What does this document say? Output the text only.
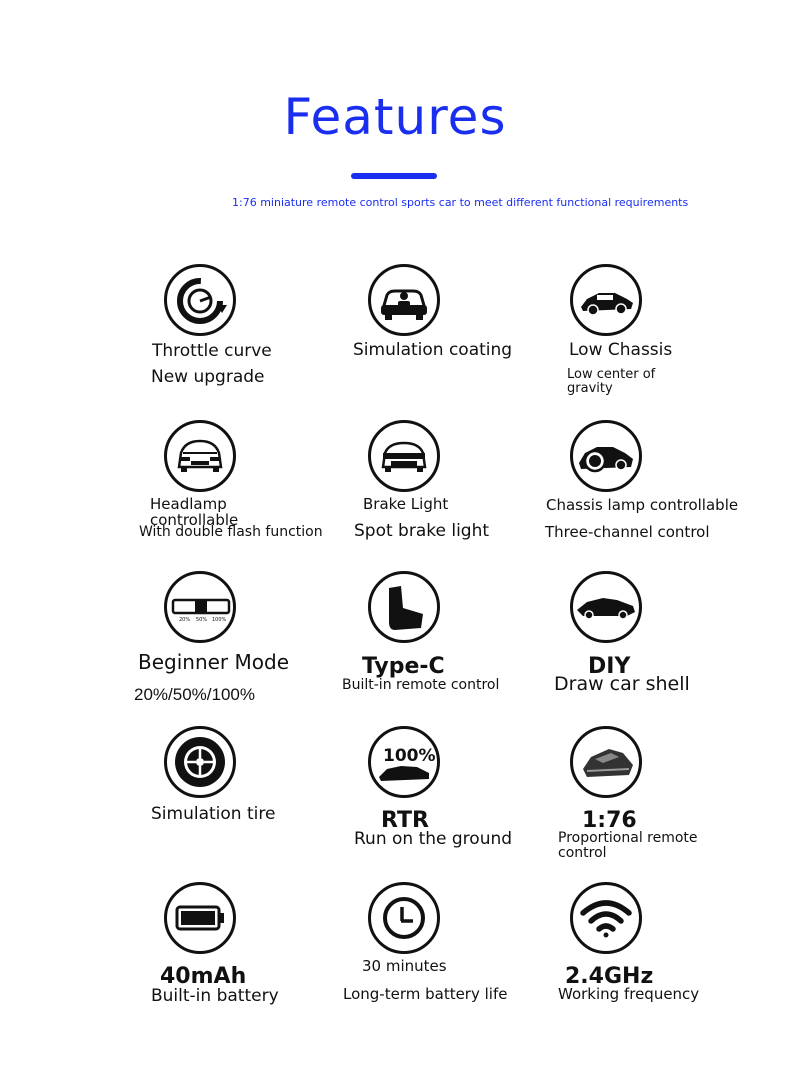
Features
1:76 miniature remote control sports car to meet different functional requirements
Throttle curve
New upgrade
Simulation coating	Low Chassis
Low center of
gravity
Headlamp
controllable
With double flash function
Brake Light
Spot brake light
Chassis lamp controllable
Three-channel control
20% 50% 100%
Beginner Mode
20%/50%/100%
Type-C
Built-in remote control
DIY
Draw car shell
Simulation tire
100%
RTR
Run on the ground
1:76
Proportional remote
control
40mAh
Built-in battery
30 minutes
Long-term battery life
2.4GHz
Working frequency
